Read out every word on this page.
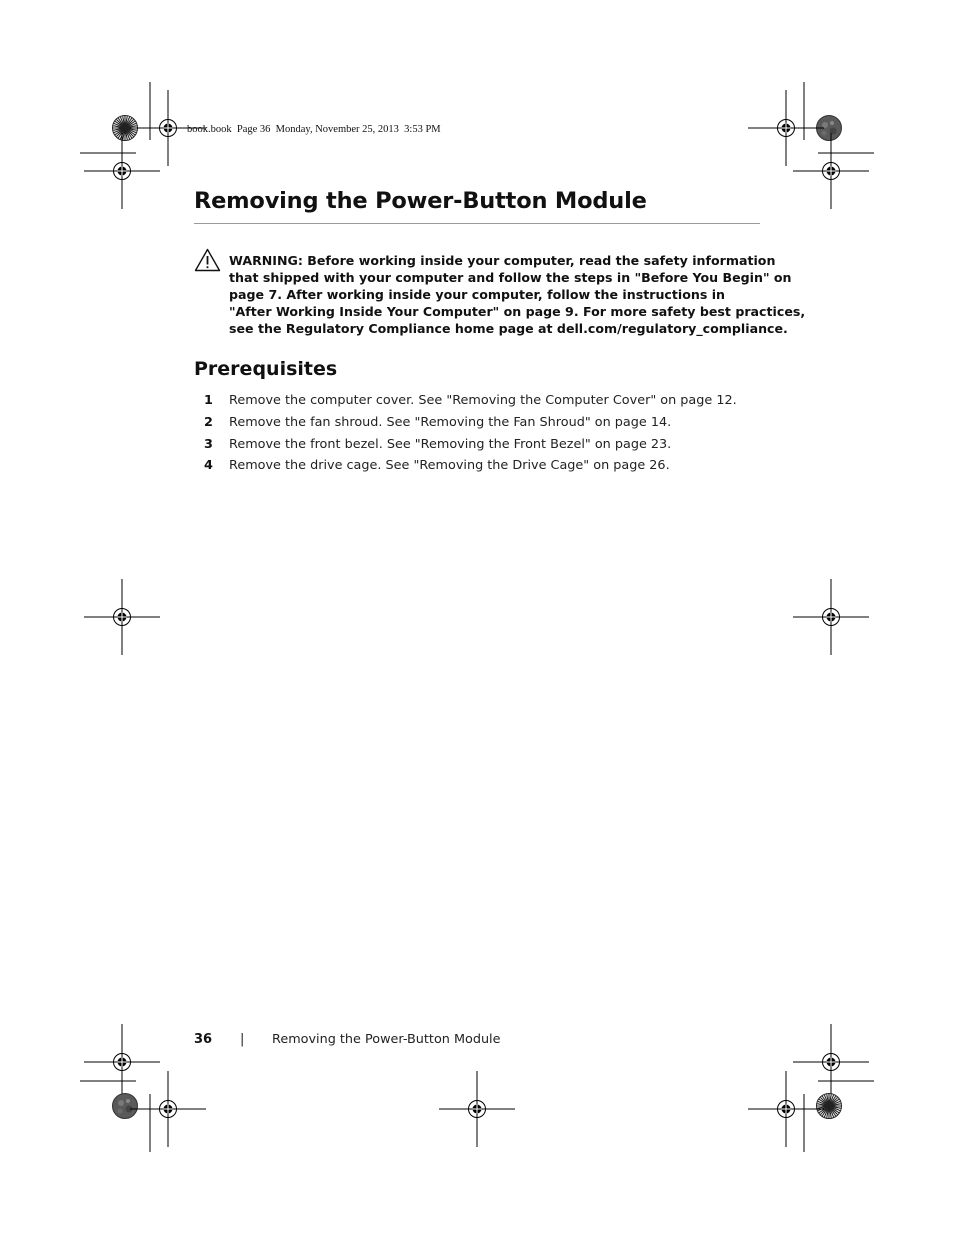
book.book  Page 36  Monday, November 25, 2013  3:53 PM
Removing the Power-Button Module
WARNING: Before working inside your computer, read the safety information
that shipped with your computer and follow the steps in "Before You Begin" on
page 7. After working inside your computer, follow the instructions in
"After Working Inside Your Computer" on page 9. For more safety best practices,
see the Regulatory Compliance home page at dell.com/regulatory_compliance.
Prerequisites
1 Remove the computer cover. See "Removing the Computer Cover" on page 12.
2 Remove the fan shroud. See "Removing the Fan Shroud" on page 14.
3 Remove the front bezel. See "Removing the Front Bezel" on page 23.
4 Remove the drive cage. See "Removing the Drive Cage" on page 26.
36 | Removing the Power-Button Module
